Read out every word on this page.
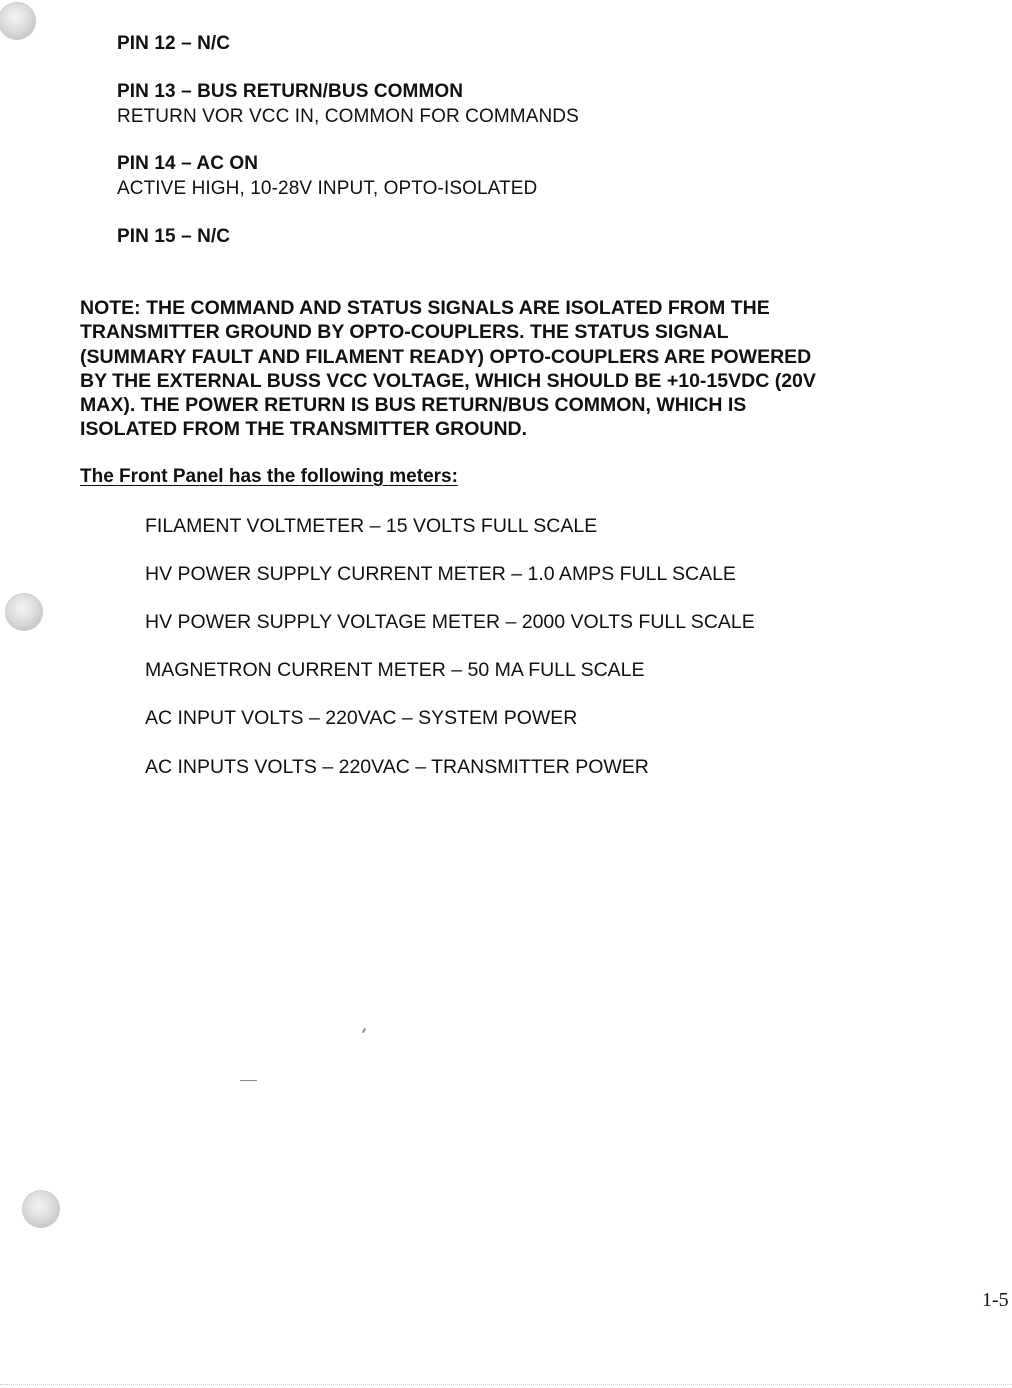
PIN 12 – N/C
PIN 13 – BUS RETURN/BUS COMMON
RETURN VOR VCC IN, COMMON FOR COMMANDS
PIN 14 – AC ON
ACTIVE HIGH, 10-28V INPUT, OPTO-ISOLATED
PIN 15 – N/C
NOTE: THE COMMAND AND STATUS SIGNALS ARE ISOLATED FROM THE
TRANSMITTER GROUND BY OPTO-COUPLERS. THE STATUS SIGNAL
(SUMMARY FAULT AND FILAMENT READY) OPTO-COUPLERS ARE POWERED
BY THE EXTERNAL BUSS VCC VOLTAGE, WHICH SHOULD BE +10-15VDC (20V
MAX). THE POWER RETURN IS BUS RETURN/BUS COMMON, WHICH IS
ISOLATED FROM THE TRANSMITTER GROUND.
The Front Panel has the following meters:
FILAMENT VOLTMETER – 15 VOLTS FULL SCALE
HV POWER SUPPLY CURRENT METER – 1.0 AMPS FULL SCALE
HV POWER SUPPLY VOLTAGE METER – 2000 VOLTS FULL SCALE
MAGNETRON CURRENT METER – 50 MA FULL SCALE
AC INPUT VOLTS – 220VAC – SYSTEM POWER
AC INPUTS VOLTS – 220VAC – TRANSMITTER POWER
1-5
